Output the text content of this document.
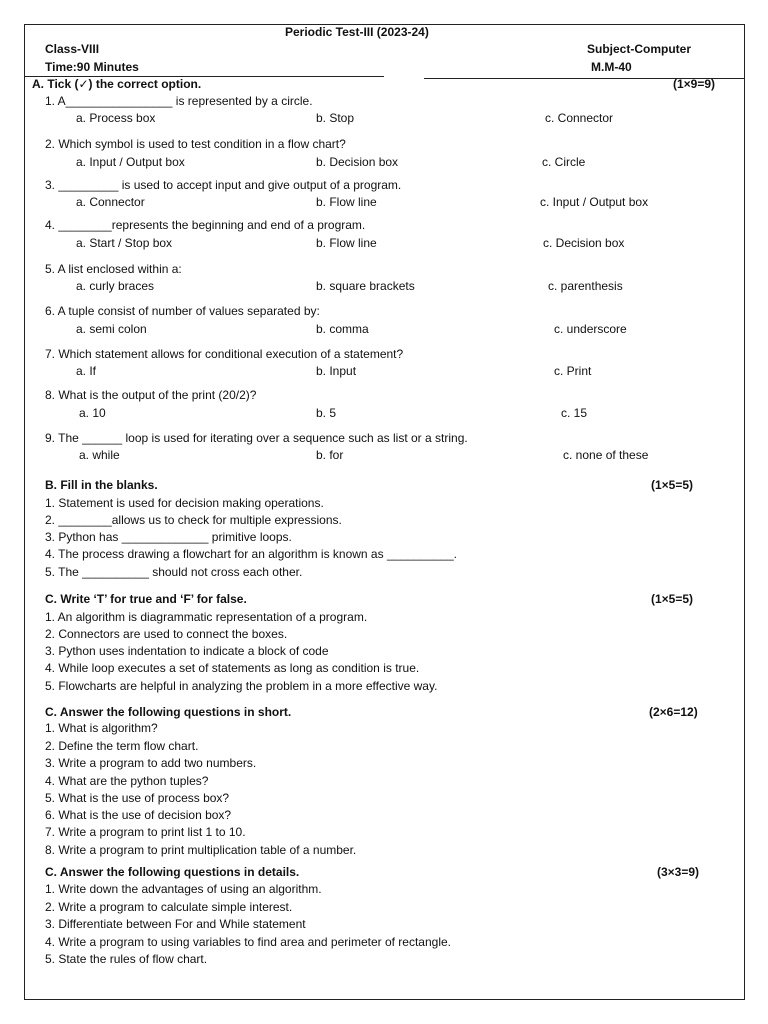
Periodic Test-III (2023-24)
Class-VIII
Time:90 Minutes
Subject-Computer
M.M-40
A. Tick (✓) the correct option.	(1×9=9)
1. A________________ is represented by a circle.
a. Process box	b. Stop	c. Connector
2. Which symbol is used to test condition in a flow chart?
a. Input / Output box	b. Decision box	c. Circle
3. _________ is used to accept input and give output of a program.
a. Connector	b. Flow line	c. Input / Output box
4. ________represents the beginning and end of a program.
a. Start / Stop box	b. Flow line	c. Decision box
5. A list enclosed within a:
a. curly braces	b. square brackets	c. parenthesis
6. A tuple consist of number of values separated by:
a. semi colon	b. comma	c. underscore
7. Which statement allows for conditional execution of a statement?
a. If	b. Input	c. Print
8. What is the output of the print (20/2)?
a. 10	b. 5	c. 15
9. The ______ loop is used for iterating over a sequence such as list or a string.
a. while	b. for	c. none of these
B. Fill in the blanks.	(1×5=5)
1. Statement is used for decision making operations.
2. ________allows us to check for multiple expressions.
3. Python has _____________ primitive loops.
4. The process drawing a flowchart for an algorithm is known as __________.
5. The __________ should not cross each other.
C. Write ‘T’ for true and ‘F’ for false.	(1×5=5)
1. An algorithm is diagrammatic representation of a program.
2. Connectors are used to connect the boxes.
3. Python uses indentation to indicate a block of code
4. While loop executes a set of statements as long as condition is true.
5. Flowcharts are helpful in analyzing the problem in a more effective way.
C. Answer the following questions in short.	(2×6=12)
1. What is algorithm?
2. Define the term flow chart.
3. Write a program to add two numbers.
4. What are the python tuples?
5. What is the use of process box?
6. What is the use of decision box?
7. Write a program to print list 1 to 10.
8. Write a program to print multiplication table of a number.
C. Answer the following questions in details.	(3×3=9)
1. Write down the advantages of using an algorithm.
2. Write a program to calculate simple interest.
3. Differentiate between For and While statement
4. Write a program to using variables to find area and perimeter of rectangle.
5. State the rules of flow chart.
